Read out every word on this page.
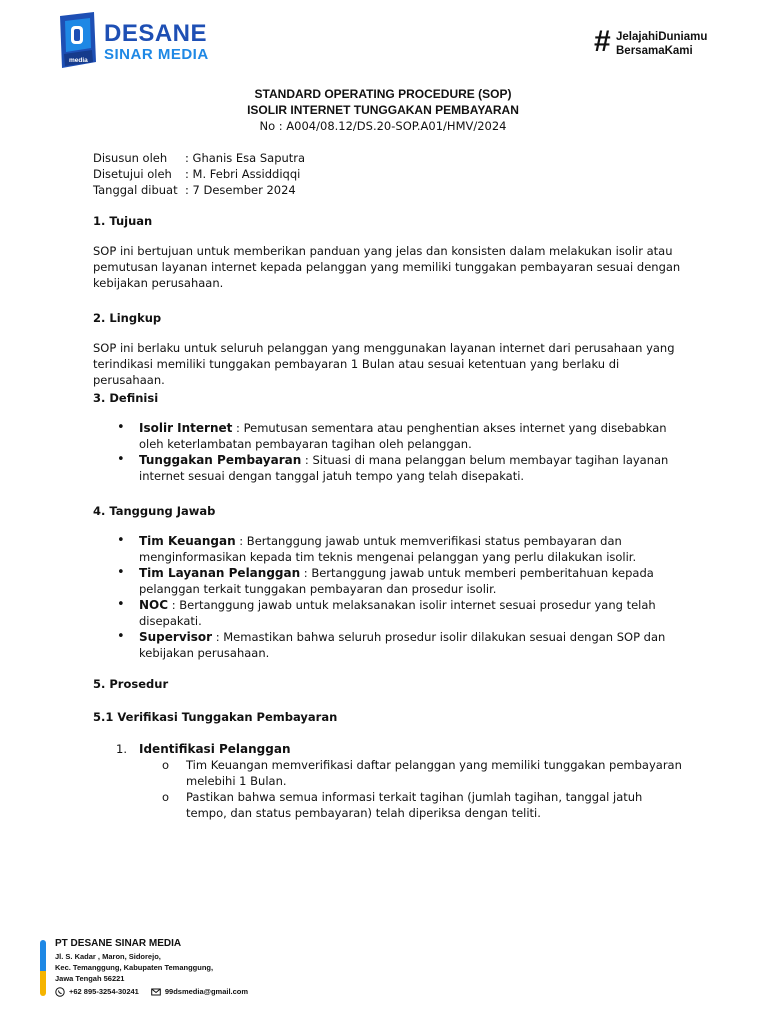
media
DESANE
SINAR MEDIA	# JelajahiDuniamu
BersamaKami
STANDARD OPERATING PROCEDURE (SOP)
ISOLIR INTERNET TUNGGAKAN PEMBAYARAN
No : A004/08.12/DS.20-SOP.A01/HMV/2024
Disusun oleh	: Ghanis Esa Saputra
Disetujui oleh	: M. Febri Assiddiqqi
Tanggal dibuat : 7 Desember 2024
1. Tujuan
SOP ini bertujuan untuk memberikan panduan yang jelas dan konsisten dalam melakukan isolir atau pemutusan layanan internet kepada pelanggan yang memiliki tunggakan pembayaran sesuai dengan kebijakan perusahaan.
2. Lingkup
SOP ini berlaku untuk seluruh pelanggan yang menggunakan layanan internet dari perusahaan yang terindikasi memiliki tunggakan pembayaran 1 Bulan atau sesuai ketentuan yang berlaku di perusahaan.
3. Definisi
• Isolir Internet : Pemutusan sementara atau penghentian akses internet yang disebabkan oleh keterlambatan pembayaran tagihan oleh pelanggan.
• Tunggakan Pembayaran : Situasi di mana pelanggan belum membayar tagihan layanan internet sesuai dengan tanggal jatuh tempo yang telah disepakati.
4. Tanggung Jawab
• Tim Keuangan : Bertanggung jawab untuk memverifikasi status pembayaran dan menginformasikan kepada tim teknis mengenai pelanggan yang perlu dilakukan isolir.
• Tim Layanan Pelanggan : Bertanggung jawab untuk memberi pemberitahuan kepada pelanggan terkait tunggakan pembayaran dan prosedur isolir.
• NOC : Bertanggung jawab untuk melaksanakan isolir internet sesuai prosedur yang telah disepakati.
• Supervisor : Memastikan bahwa seluruh prosedur isolir dilakukan sesuai dengan SOP dan kebijakan perusahaan.
5. Prosedur
5.1 Verifikasi Tunggakan Pembayaran
1. Identifikasi Pelanggan
o Tim Keuangan memverifikasi daftar pelanggan yang memiliki tunggakan pembayaran melebihi 1 Bulan.
o Pastikan bahwa semua informasi terkait tagihan (jumlah tagihan, tanggal jatuh tempo, dan status pembayaran) telah diperiksa dengan teliti.
PT DESANE SINAR MEDIA
Jl. S. Kadar , Maron, Sidorejo,
Kec. Temanggung, Kabupaten Temanggung,
Jawa Tengah 56221
+62 895-3254-30241	99dsmedia@gmail.com
